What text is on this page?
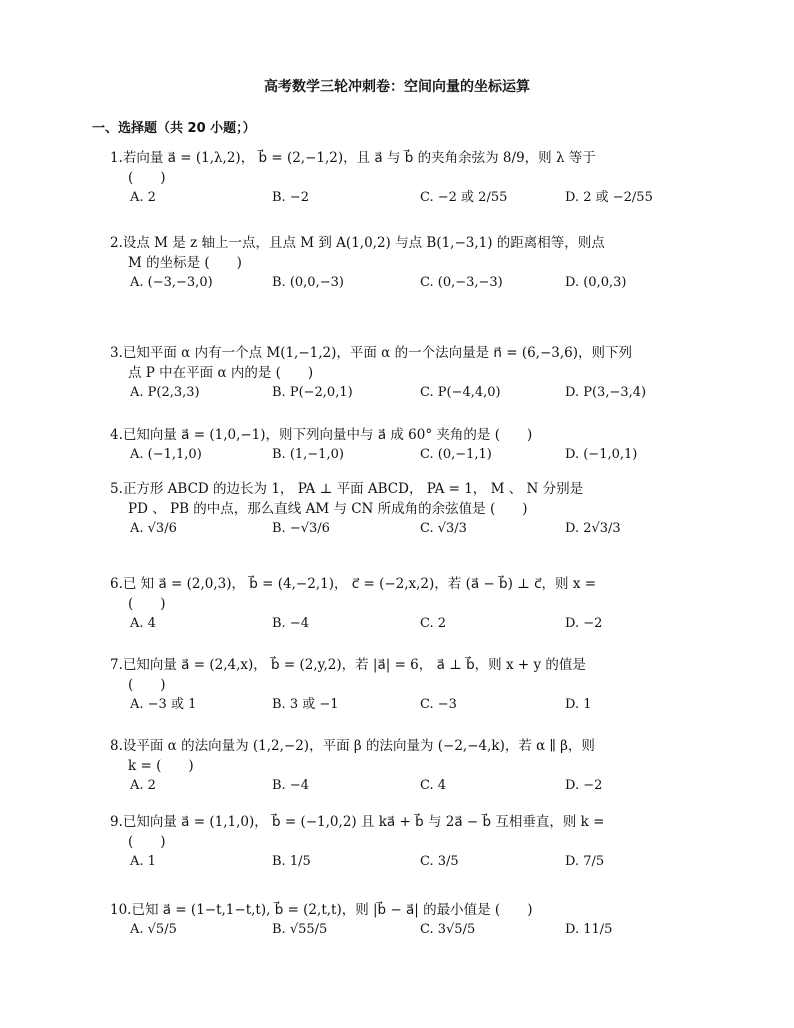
高考数学三轮冲刺卷：空间向量的坐标运算
一、选择题（共 20 小题；）
1.若向量 a⃗ = (1,λ,2)， b⃗ = (2,−1,2)，且 a⃗ 与 b⃗ 的夹角余弦为 8/9，则 λ 等于
(　　)
A. 2	B. −2	C. −2 或 2/55	D. 2 或 −2/55
2.设点 M 是 z 轴上一点，且点 M 到 A(1,0,2) 与点 B(1,−3,1) 的距离相等，则点
M 的坐标是 (　　)
A. (−3,−3,0)	B. (0,0,−3)	C. (0,−3,−3)	D. (0,0,3)
3.已知平面 α 内有一个点 M(1,−1,2)，平面 α 的一个法向量是 n⃗ = (6,−3,6)，则下列
点 P 中在平面 α 内的是 (　　)
A. P(2,3,3)	B. P(−2,0,1)	C. P(−4,4,0)	D. P(3,−3,4)
4.已知向量 a⃗ = (1,0,−1)，则下列向量中与 a⃗ 成 60° 夹角的是 (　　)
A. (−1,1,0)	B. (1,−1,0)	C. (0,−1,1)	D. (−1,0,1)
5.正方形 ABCD 的边长为 1， PA ⊥ 平面 ABCD， PA = 1， M 、 N 分别是
PD 、 PB 的中点，那么直线 AM 与 CN 所成角的余弦值是 (　　)
A. √3/6	B. −√3/6	C. √3/3	D. 2√3/3
6.已 知 a⃗ = (2,0,3)， b⃗ = (4,−2,1)， c⃗ = (−2,x,2)，若 (a⃗ − b⃗) ⊥ c⃗，则 x =
(　　)
A. 4	B. −4	C. 2	D. −2
7.已知向量 a⃗ = (2,4,x)， b⃗ = (2,y,2)，若 |a⃗| = 6， a⃗ ⊥ b⃗，则 x + y 的值是
(　　)
A. −3 或 1	B. 3 或 −1	C. −3	D. 1
8.设平面 α 的法向量为 (1,2,−2)，平面 β 的法向量为 (−2,−4,k)，若 α ∥ β，则
k = (　　)
A. 2	B. −4	C. 4	D. −2
9.已知向量 a⃗ = (1,1,0)， b⃗ = (−1,0,2) 且 ka⃗ + b⃗ 与 2a⃗ − b⃗ 互相垂直，则 k =
(　　)
A. 1	B. 1/5	C. 3/5	D. 7/5
10.已知 a⃗ = (1−t,1−t,t), b⃗ = (2,t,t)，则 |b⃗ − a⃗| 的最小值是 (　　)
A. √5/5	B. √55/5	C. 3√5/5	D. 11/5
